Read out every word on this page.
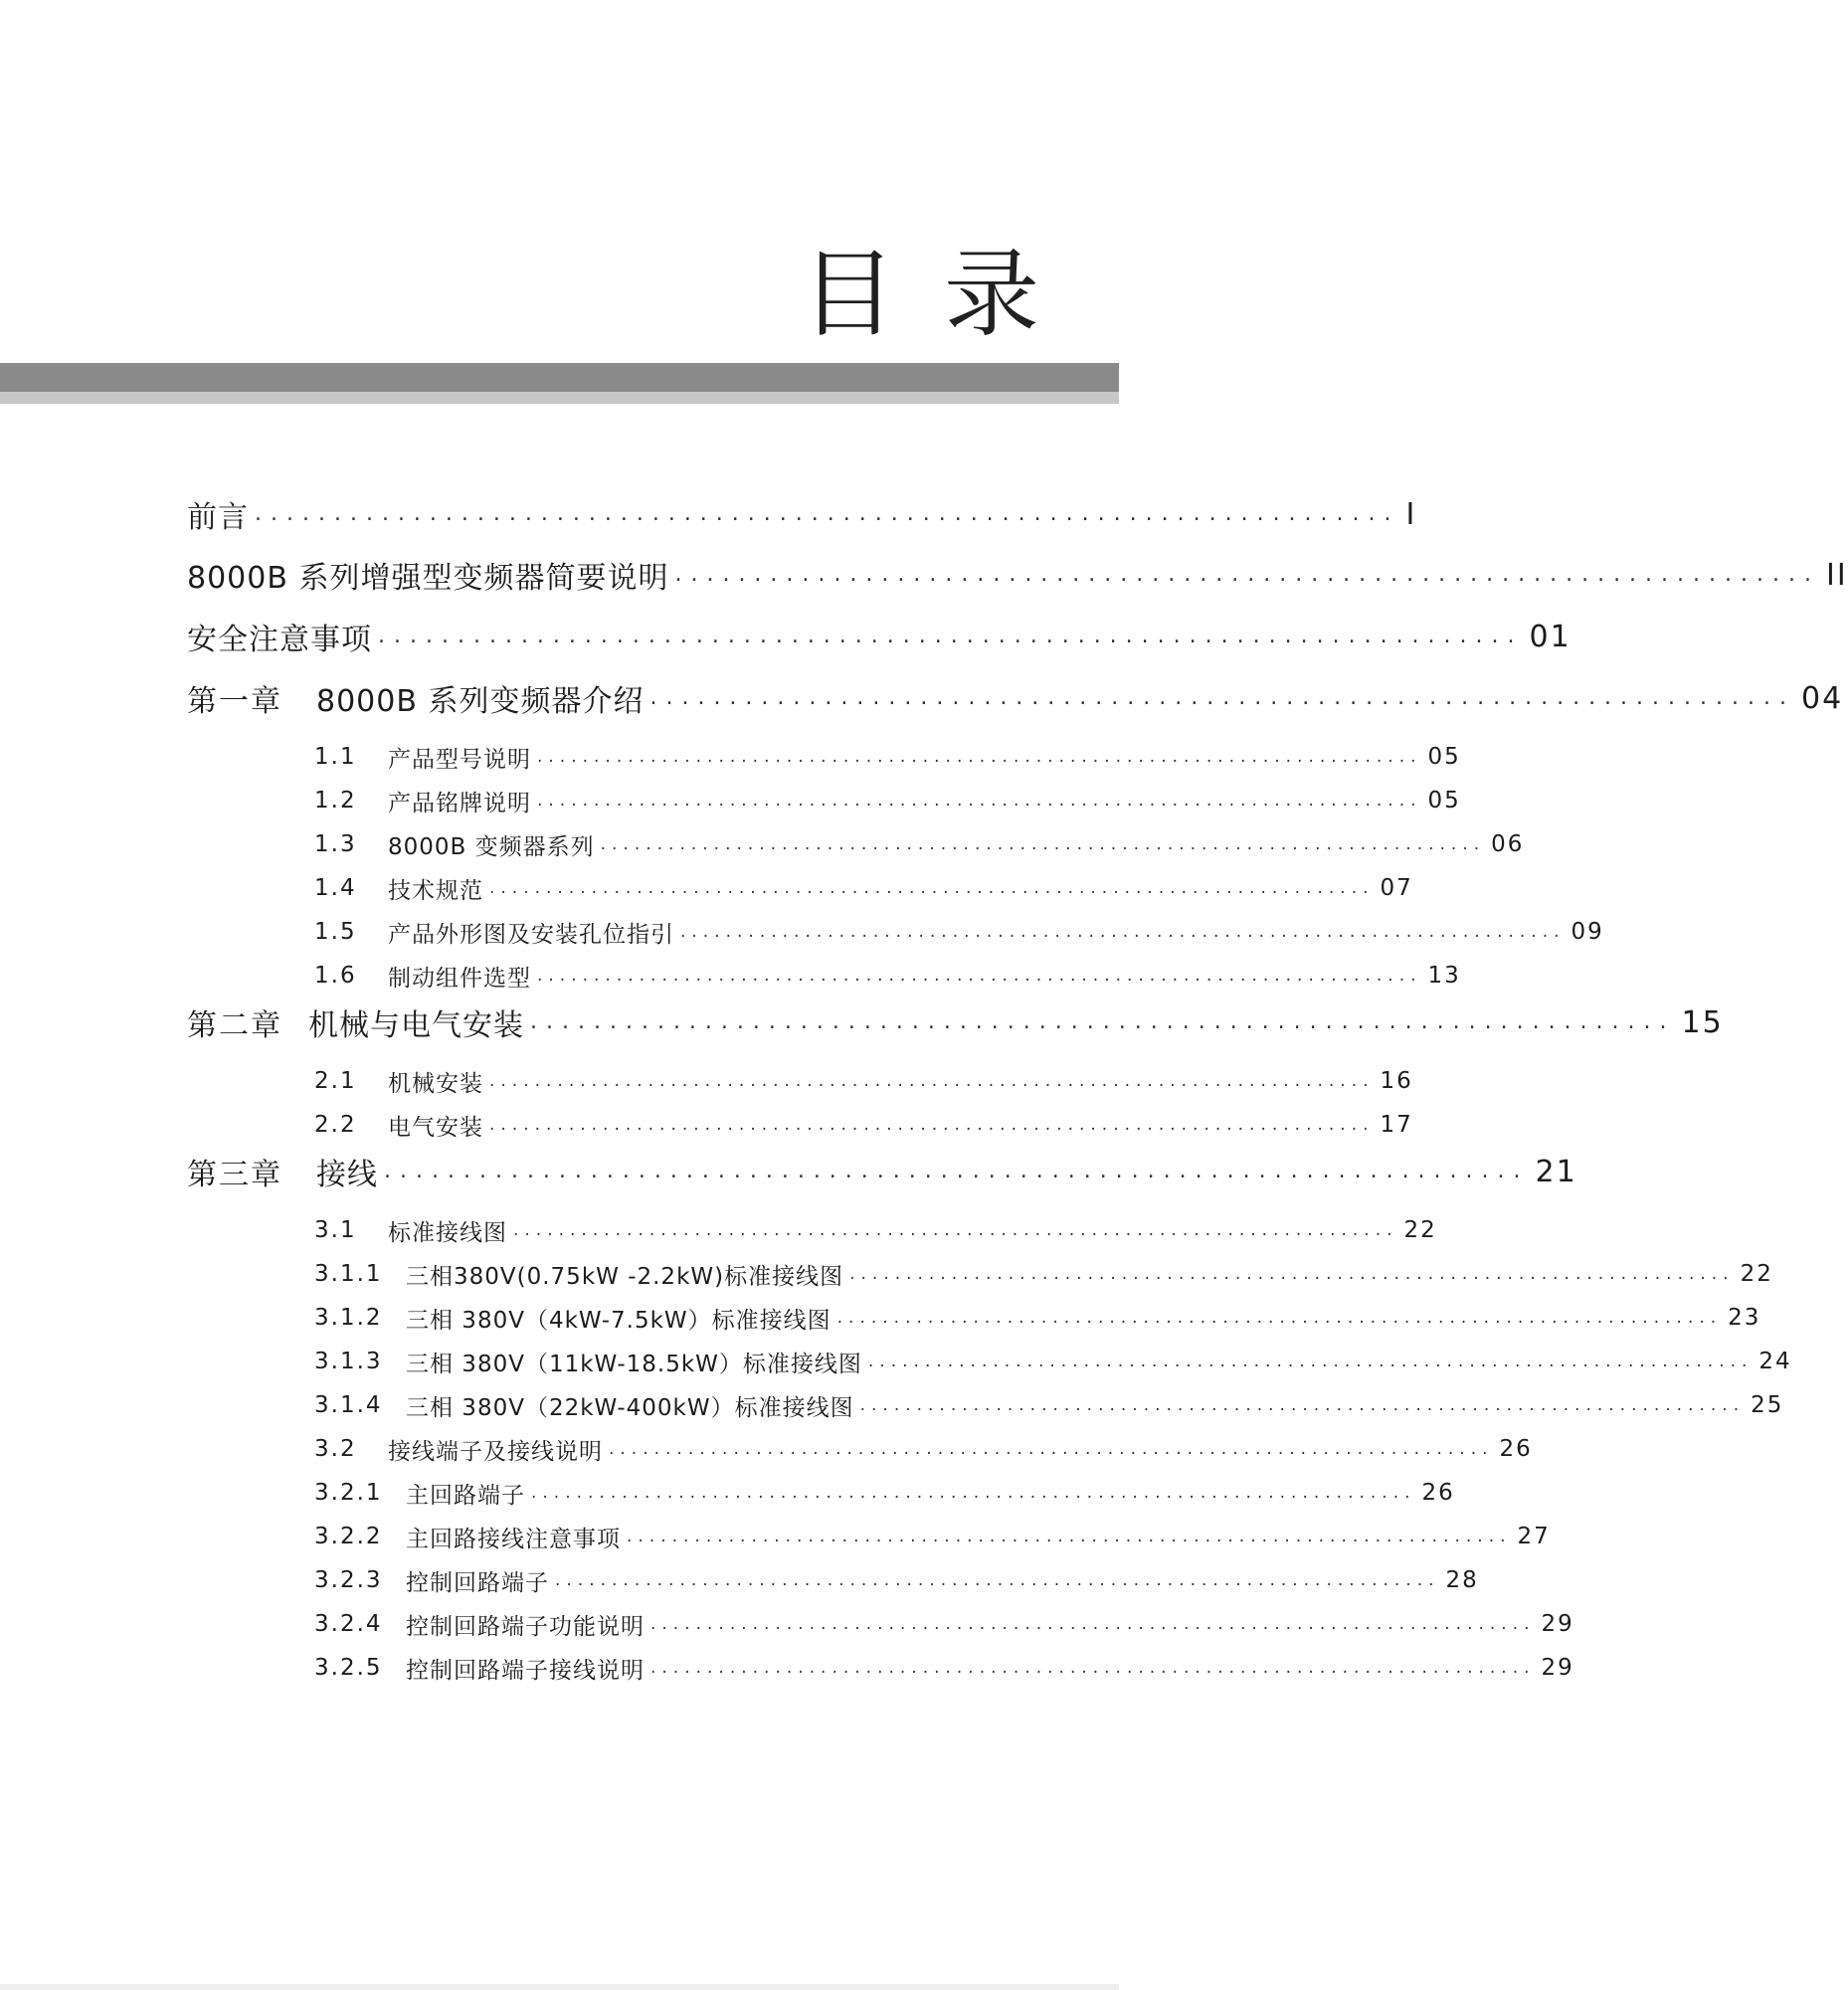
目录
前言 ........................................................................ I
8000B 系列增强型变频器简要说明 ........................................................................ II
安全注意事项 ........................................................................ 01
第一章 8000B 系列变频器介绍 ........................................................................ 04
1.1	产品型号说明 .............................................................................. 05
1.2	产品铭牌说明 .............................................................................. 05
1.3	8000B 变频器系列 .............................................................................. 06
1.4	技术规范 .............................................................................. 07
1.5	产品外形图及安装孔位指引 .............................................................................. 09
1.6	制动组件选型 .............................................................................. 13
第二章 机械与电气安装 ........................................................................ 15
2.1	机械安装 .............................................................................. 16
2.2	电气安装 .............................................................................. 17
第三章 接线 ........................................................................ 21
3.1	标准接线图 .............................................................................. 22
3.1.1	三相380V(0.75kW -2.2kW)标准接线图 .............................................................................. 22
3.1.2	三相 380V（4kW-7.5kW）标准接线图 .............................................................................. 23
3.1.3	三相 380V（11kW-18.5kW）标准接线图 .............................................................................. 24
3.1.4	三相 380V（22kW-400kW）标准接线图 .............................................................................. 25
3.2	接线端子及接线说明 .............................................................................. 26
3.2.1	主回路端子 .............................................................................. 26
3.2.2	主回路接线注意事项 .............................................................................. 27
3.2.3	控制回路端子 .............................................................................. 28
3.2.4	控制回路端子功能说明 .............................................................................. 29
3.2.5	控制回路端子接线说明 .............................................................................. 29
